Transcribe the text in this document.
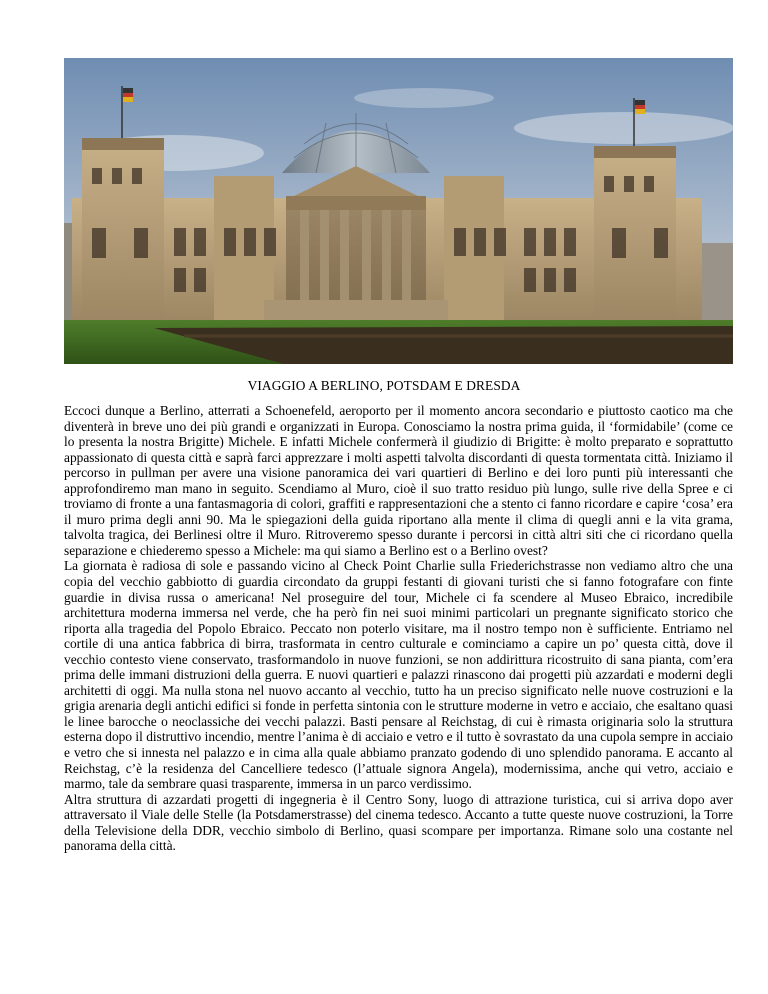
VIAGGIO A BERLINO, POTSDAM E DRESDA

Eccoci dunque a Berlino, atterrati a Schoenefeld, aeroporto per il momento ancora secondario e piuttosto caotico ma che diventerà in breve uno dei più grandi e organizzati in Europa. Conosciamo la nostra prima guida, il ‘formidabile’ (come ce lo presenta la nostra Brigitte) Michele. E infatti Michele confermerà il giudizio di Brigitte: è molto preparato e soprattutto appassionato di questa città e saprà farci apprezzare i molti aspetti talvolta discordanti di questa tormentata città. Iniziamo il percorso in pullman per avere una visione panoramica dei vari quartieri di Berlino e dei loro punti più interessanti che approfondiremo man mano in seguito. Scendiamo al Muro, cioè il suo tratto residuo più lungo, sulle rive della Spree e ci troviamo di fronte a una fantasmagoria di colori, graffiti e rappresentazioni che a stento ci fanno ricordare e capire ‘cosa’ era il muro prima degli anni 90. Ma le spiegazioni della guida riportano alla mente il clima di quegli anni e la vita grama, talvolta tragica, dei Berlinesi oltre il Muro. Ritroveremo spesso durante i percorsi in città altri siti che ci ricordano quella separazione e chiederemo spesso a Michele: ma qui siamo a Berlino est o a Berlino ovest?

La giornata è radiosa di sole e passando vicino al Check Point Charlie sulla Friederichstrasse non vediamo altro che una copia del vecchio gabbiotto di guardia circondato da gruppi festanti di giovani turisti che si fanno fotografare con finte guardie in divisa russa o americana! Nel proseguire del tour, Michele ci fa scendere al Museo Ebraico, incredibile architettura moderna immersa nel verde, che ha però fin nei suoi minimi particolari un pregnante significato storico che riporta alla tragedia del Popolo Ebraico. Peccato non poterlo visitare, ma il nostro tempo non è sufficiente. Entriamo nel cortile di una antica fabbrica di birra, trasformata in centro culturale e cominciamo a capire un po’ questa città, dove il vecchio contesto viene conservato, trasformandolo in nuove funzioni, se non addirittura ricostruito di sana pianta, com’era prima delle immani distruzioni della guerra. E nuovi quartieri e palazzi rinascono dai progetti più azzardati e moderni degli architetti di oggi. Ma nulla stona nel nuovo accanto al vecchio, tutto ha un preciso significato nelle nuove costruzioni e la grigia arenaria degli antichi edifici si fonde in perfetta sintonia con le strutture moderne in vetro e acciaio, che esaltano quasi le linee barocche o neoclassiche dei vecchi palazzi. Basti pensare al Reichstag, di cui è rimasta originaria solo la struttura esterna dopo il distruttivo incendio, mentre l’anima è di acciaio e vetro e il tutto è sovrastato da una cupola sempre in acciaio e vetro che si innesta nel palazzo e in cima alla quale abbiamo pranzato godendo di uno splendido panorama. E accanto al Reichstag, c’è la residenza del Cancelliere tedesco (l’attuale signora Angela), modernissima, anche qui vetro, acciaio e marmo, tale da sembrare quasi trasparente, immersa in un parco verdissimo.

Altra struttura di azzardati progetti di ingegneria è il Centro Sony, luogo di attrazione turistica, cui si arriva dopo aver attraversato il Viale delle Stelle (la Potsdamerstrasse) del cinema tedesco. Accanto a tutte queste nuove costruzioni, la Torre della Televisione della DDR, vecchio simbolo di Berlino, quasi scompare per importanza. Rimane solo una costante nel panorama della città.
